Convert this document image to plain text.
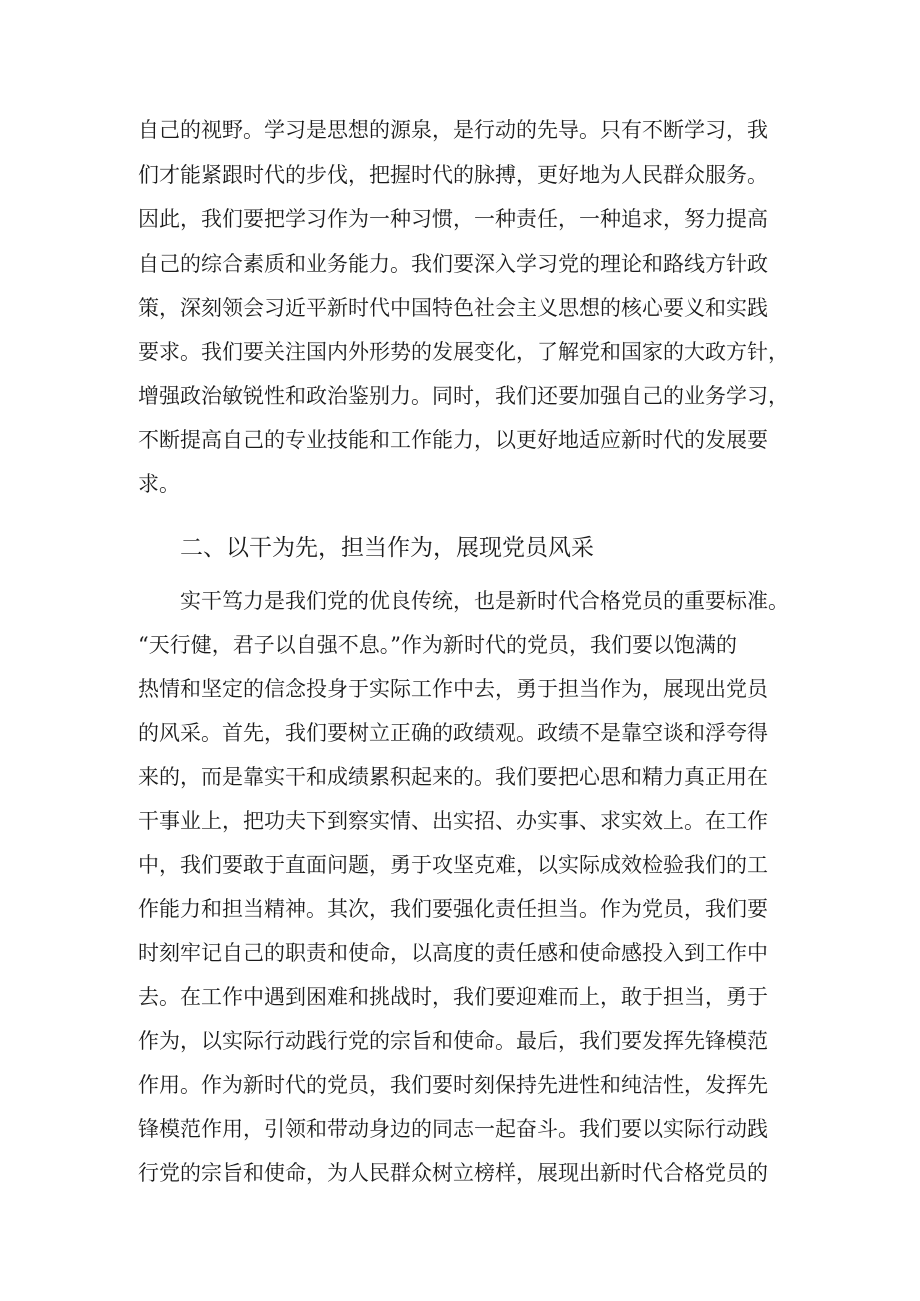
自己的视野。学习是思想的源泉，是行动的先导。只有不断学习，我
们才能紧跟时代的步伐，把握时代的脉搏，更好地为人民群众服务。
因此，我们要把学习作为一种习惯，一种责任，一种追求，努力提高
自己的综合素质和业务能力。我们要深入学习党的理论和路线方针政
策，深刻领会习近平新时代中国特色社会主义思想的核心要义和实践
要求。我们要关注国内外形势的发展变化，了解党和国家的大政方针，
增强政治敏锐性和政治鉴别力。同时，我们还要加强自己的业务学习，
不断提高自己的专业技能和工作能力，以更好地适应新时代的发展要
求。
二、以干为先，担当作为，展现党员风采
实干笃力是我们党的优良传统，也是新时代合格党员的重要标准。
“天行健，君子以自强不息。”作为新时代的党员，我们要以饱满的
热情和坚定的信念投身于实际工作中去，勇于担当作为，展现出党员
的风采。首先，我们要树立正确的政绩观。政绩不是靠空谈和浮夸得
来的，而是靠实干和成绩累积起来的。我们要把心思和精力真正用在
干事业上，把功夫下到察实情、出实招、办实事、求实效上。在工作
中，我们要敢于直面问题，勇于攻坚克难，以实际成效检验我们的工
作能力和担当精神。其次，我们要强化责任担当。作为党员，我们要
时刻牢记自己的职责和使命，以高度的责任感和使命感投入到工作中
去。在工作中遇到困难和挑战时，我们要迎难而上，敢于担当，勇于
作为，以实际行动践行党的宗旨和使命。最后，我们要发挥先锋模范
作用。作为新时代的党员，我们要时刻保持先进性和纯洁性，发挥先
锋模范作用，引领和带动身边的同志一起奋斗。我们要以实际行动践
行党的宗旨和使命，为人民群众树立榜样，展现出新时代合格党员的
